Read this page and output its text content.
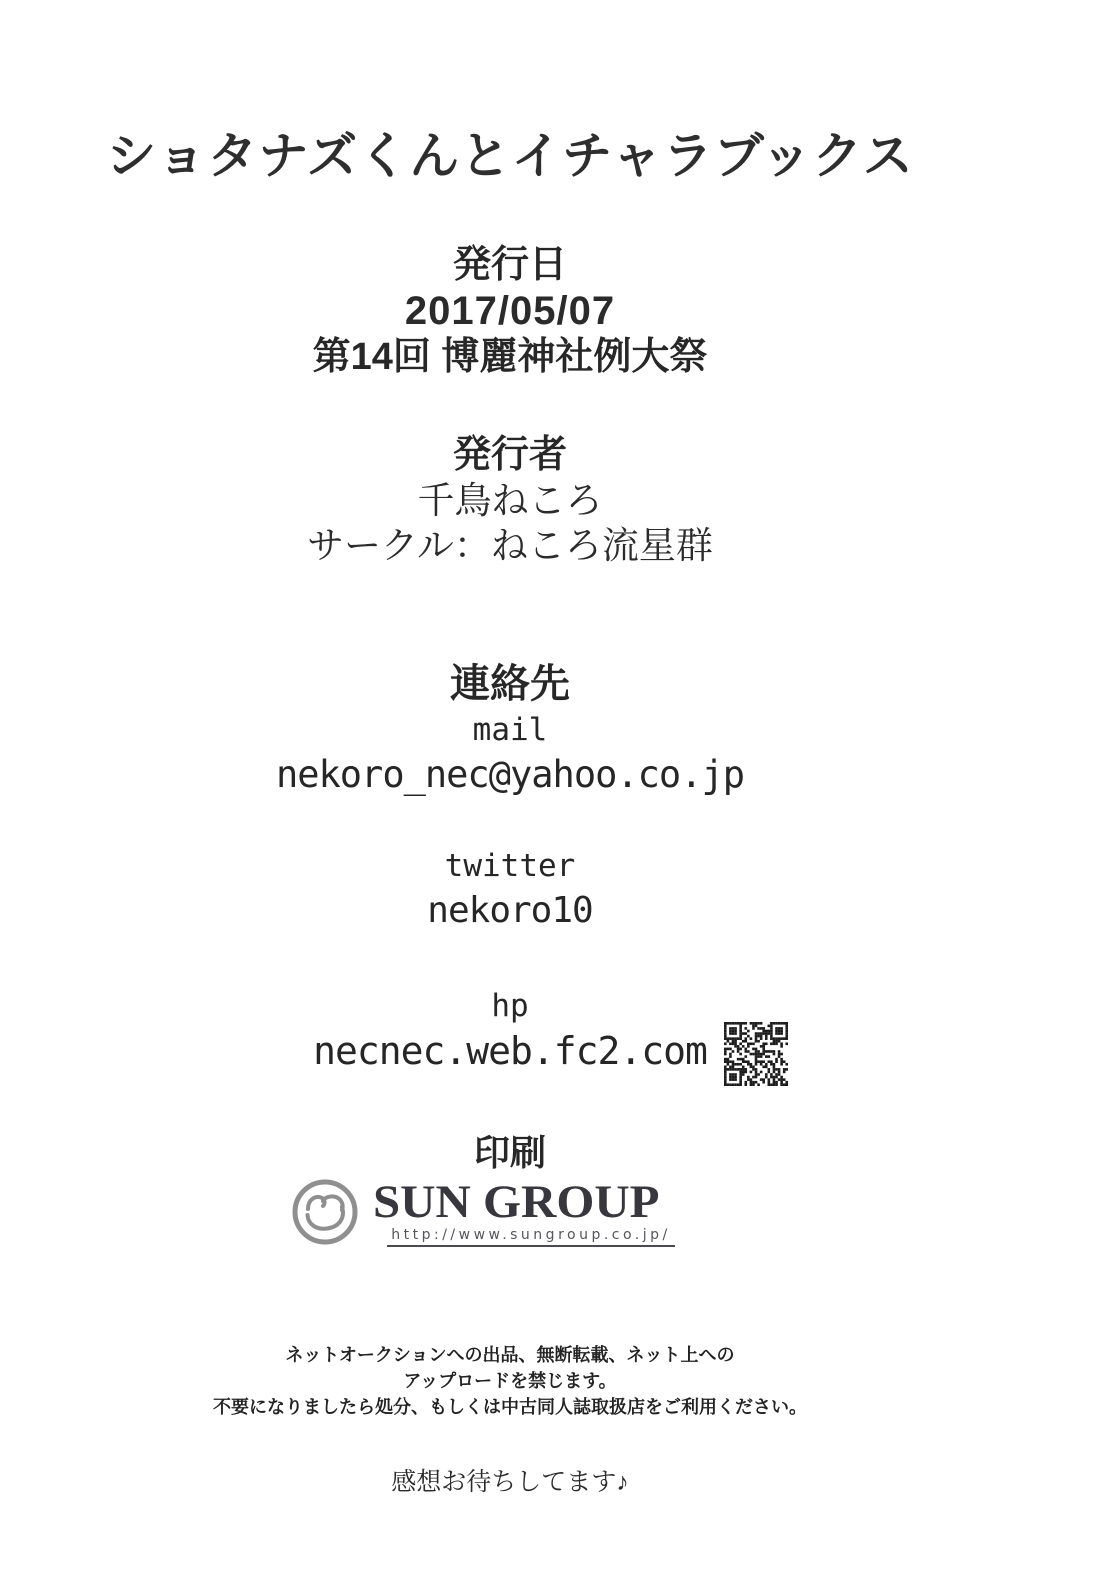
ショタナズくんとイチャラブックス
発行日
2017/05/07
第14回 博麗神社例大祭
発行者
千鳥ねころ
サークル：ねころ流星群
連絡先
mail
nekoro_nec@yahoo.co.jp
twitter
nekoro10
hp
necnec.web.fc2.com
印刷
SUN GROUP
http://www.sungroup.co.jp/
ネットオークションへの出品、無断転載、ネット上への
アップロードを禁じます。
不要になりましたら処分、もしくは中古同人誌取扱店をご利用ください。
感想お待ちしてます♪
